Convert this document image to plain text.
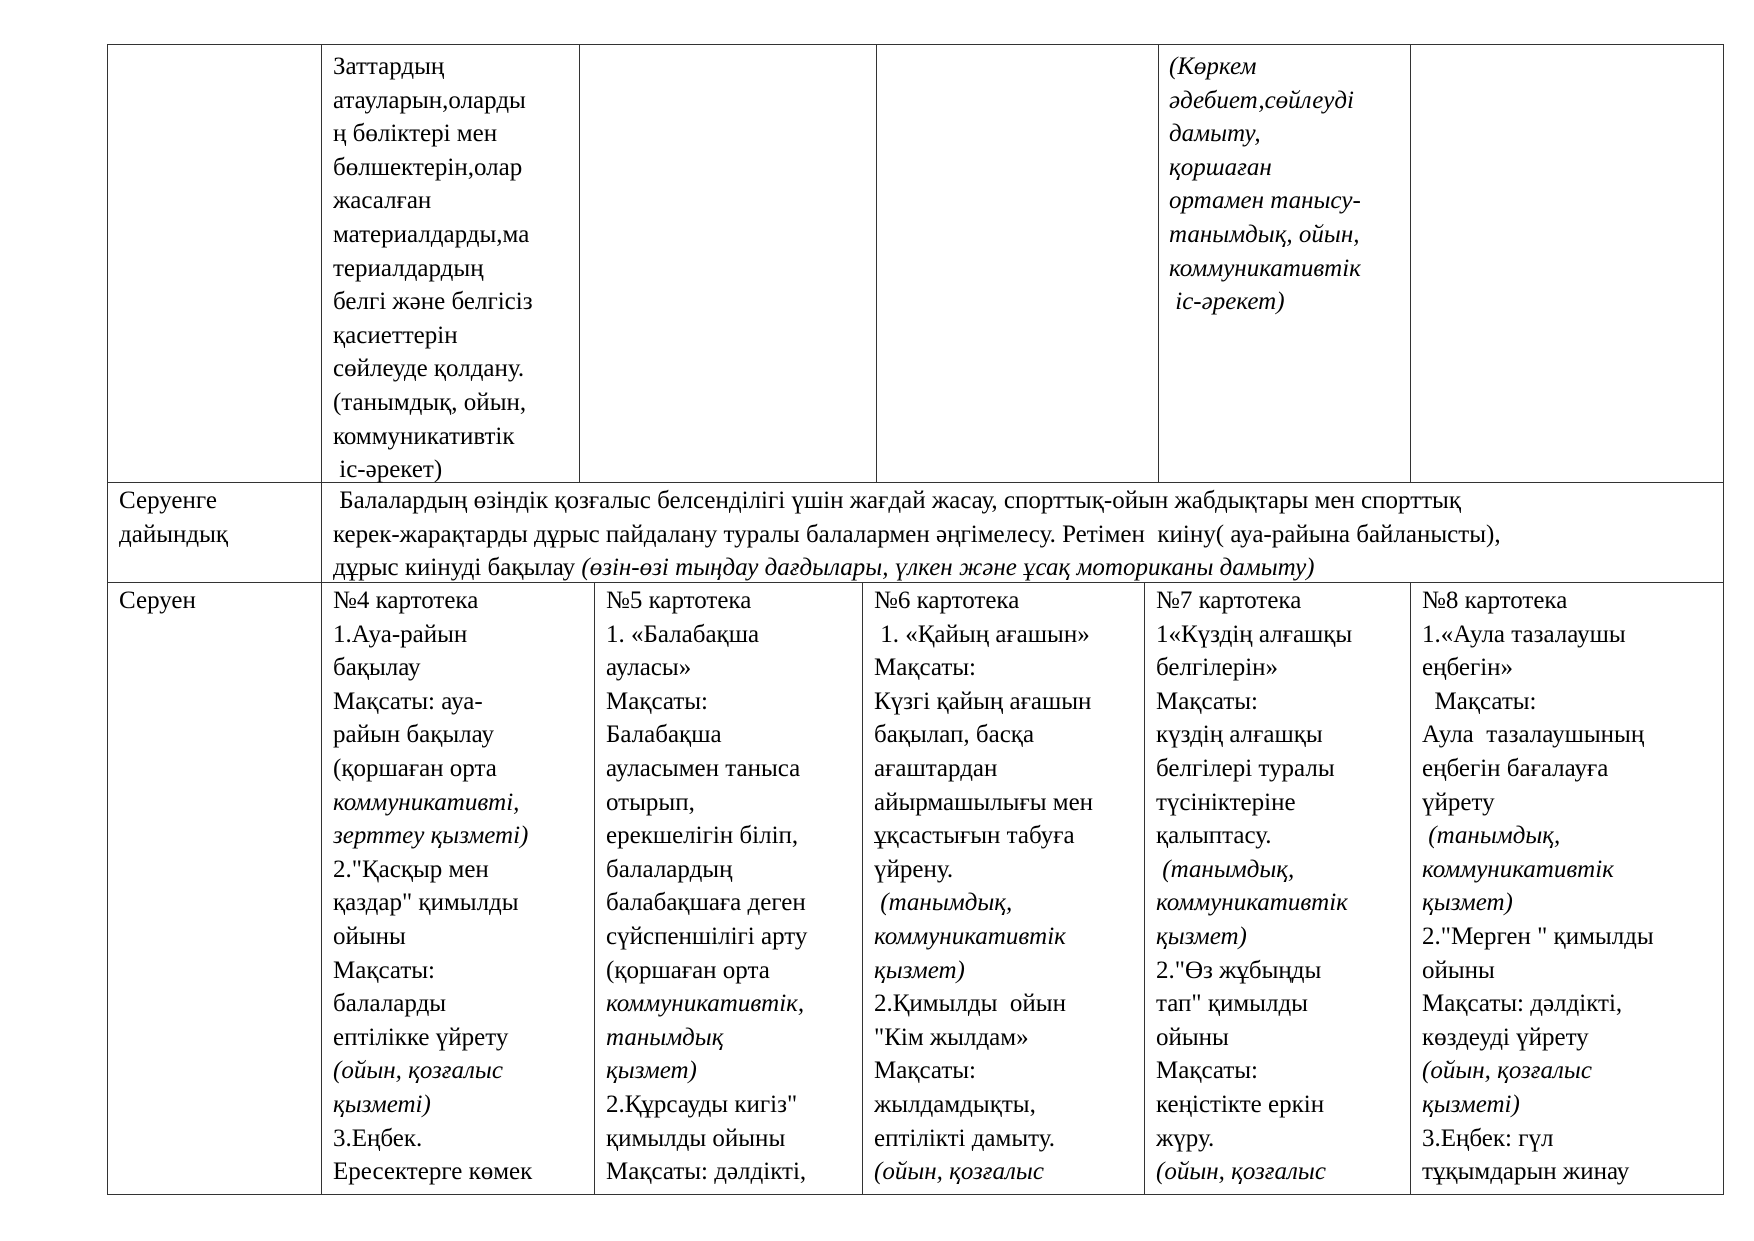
Заттардың

атауларын,оларды

ң бөліктері мен

бөлшектерін,олар

жасалған

материалдарды,ма

териалдардың

белгі және белгісіз

қасиеттерін

сөйлеуде қолдану.

(танымдық, ойын,

коммуникативтік

іс-әрекет)

(Көркем

әдебиет,сөйлеуді

дамыту,

қоршаған

ортамен танысу-

танымдық, ойын,

коммуникативтік

іс-әрекет)

Серуенге

дайындық

Балалардың өзіндік қозғалыс белсенділігі үшін жағдай жасау, спорттық-ойын жабдықтары мен спорттық

керек-жарақтарды дұрыс пайдалану туралы балалармен әңгімелесу. Ретімен  киіну( ауа-райына байланысты),

дұрыс киінуді бақылау (өзін-өзі тыңдау дағдылары, үлкен және ұсақ моториканы дамыту)

Серуен	№4 картотека

1.Ауа-райын

бақылау

Мақсаты: ауа-

райын бақылау

(қоршаған орта

коммуникативті,

зерттеу қызметі)

2."Қасқыр мен

қаздар" қимылды

ойыны

Мақсаты:

балаларды

ептілікке үйрету

(ойын, қозғалыс

қызметі)

3.Еңбек.

Ересектерге көмек

№5 картотека

1. «Балабақша

ауласы»

Мақсаты:

Балабақша

ауласымен таныса

отырып,

ерекшелігін біліп,

балалардың

балабақшаға деген

сүйспеншілігі арту

(қоршаған орта

коммуникативтік,

танымдық

қызмет)

2.Құрсауды кигіз"

қимылды ойыны

Мақсаты: дәлдікті,

№6 картотека

1. «Қайың ағашын»

Мақсаты:

Күзгі қайың ағашын

бақылап, басқа

ағаштардан

айырмашылығы мен

ұқсастығын табуға

үйрену.

(танымдық,

коммуникативтік

қызмет)

2.Қимылды  ойын

"Кім жылдам»

Мақсаты:

жылдамдықты,

ептілікті дамыту.

(ойын, қозғалыс

№7 картотека

1«Күздің алғашқы

белгілерін»

Мақсаты:

күздің алғашқы

белгілері туралы

түсініктеріне

қалыптасу.

(танымдық,

коммуникативтік

қызмет)

2."Өз жұбыңды

тап" қимылды

ойыны

Мақсаты:

кеңістікте еркін

жүру.

(ойын, қозғалыс

№8 картотека

1.«Аула тазалаушы

еңбегін»

Мақсаты:

Аула  тазалаушының

еңбегін бағалауға

үйрету

(танымдық,

коммуникативтік

қызмет)

2."Мерген " қимылды

ойыны

Мақсаты: дәлдікті,

көздеуді үйрету

(ойын, қозғалыс

қызметі)

3.Еңбек: гүл

тұқымдарын жинау
